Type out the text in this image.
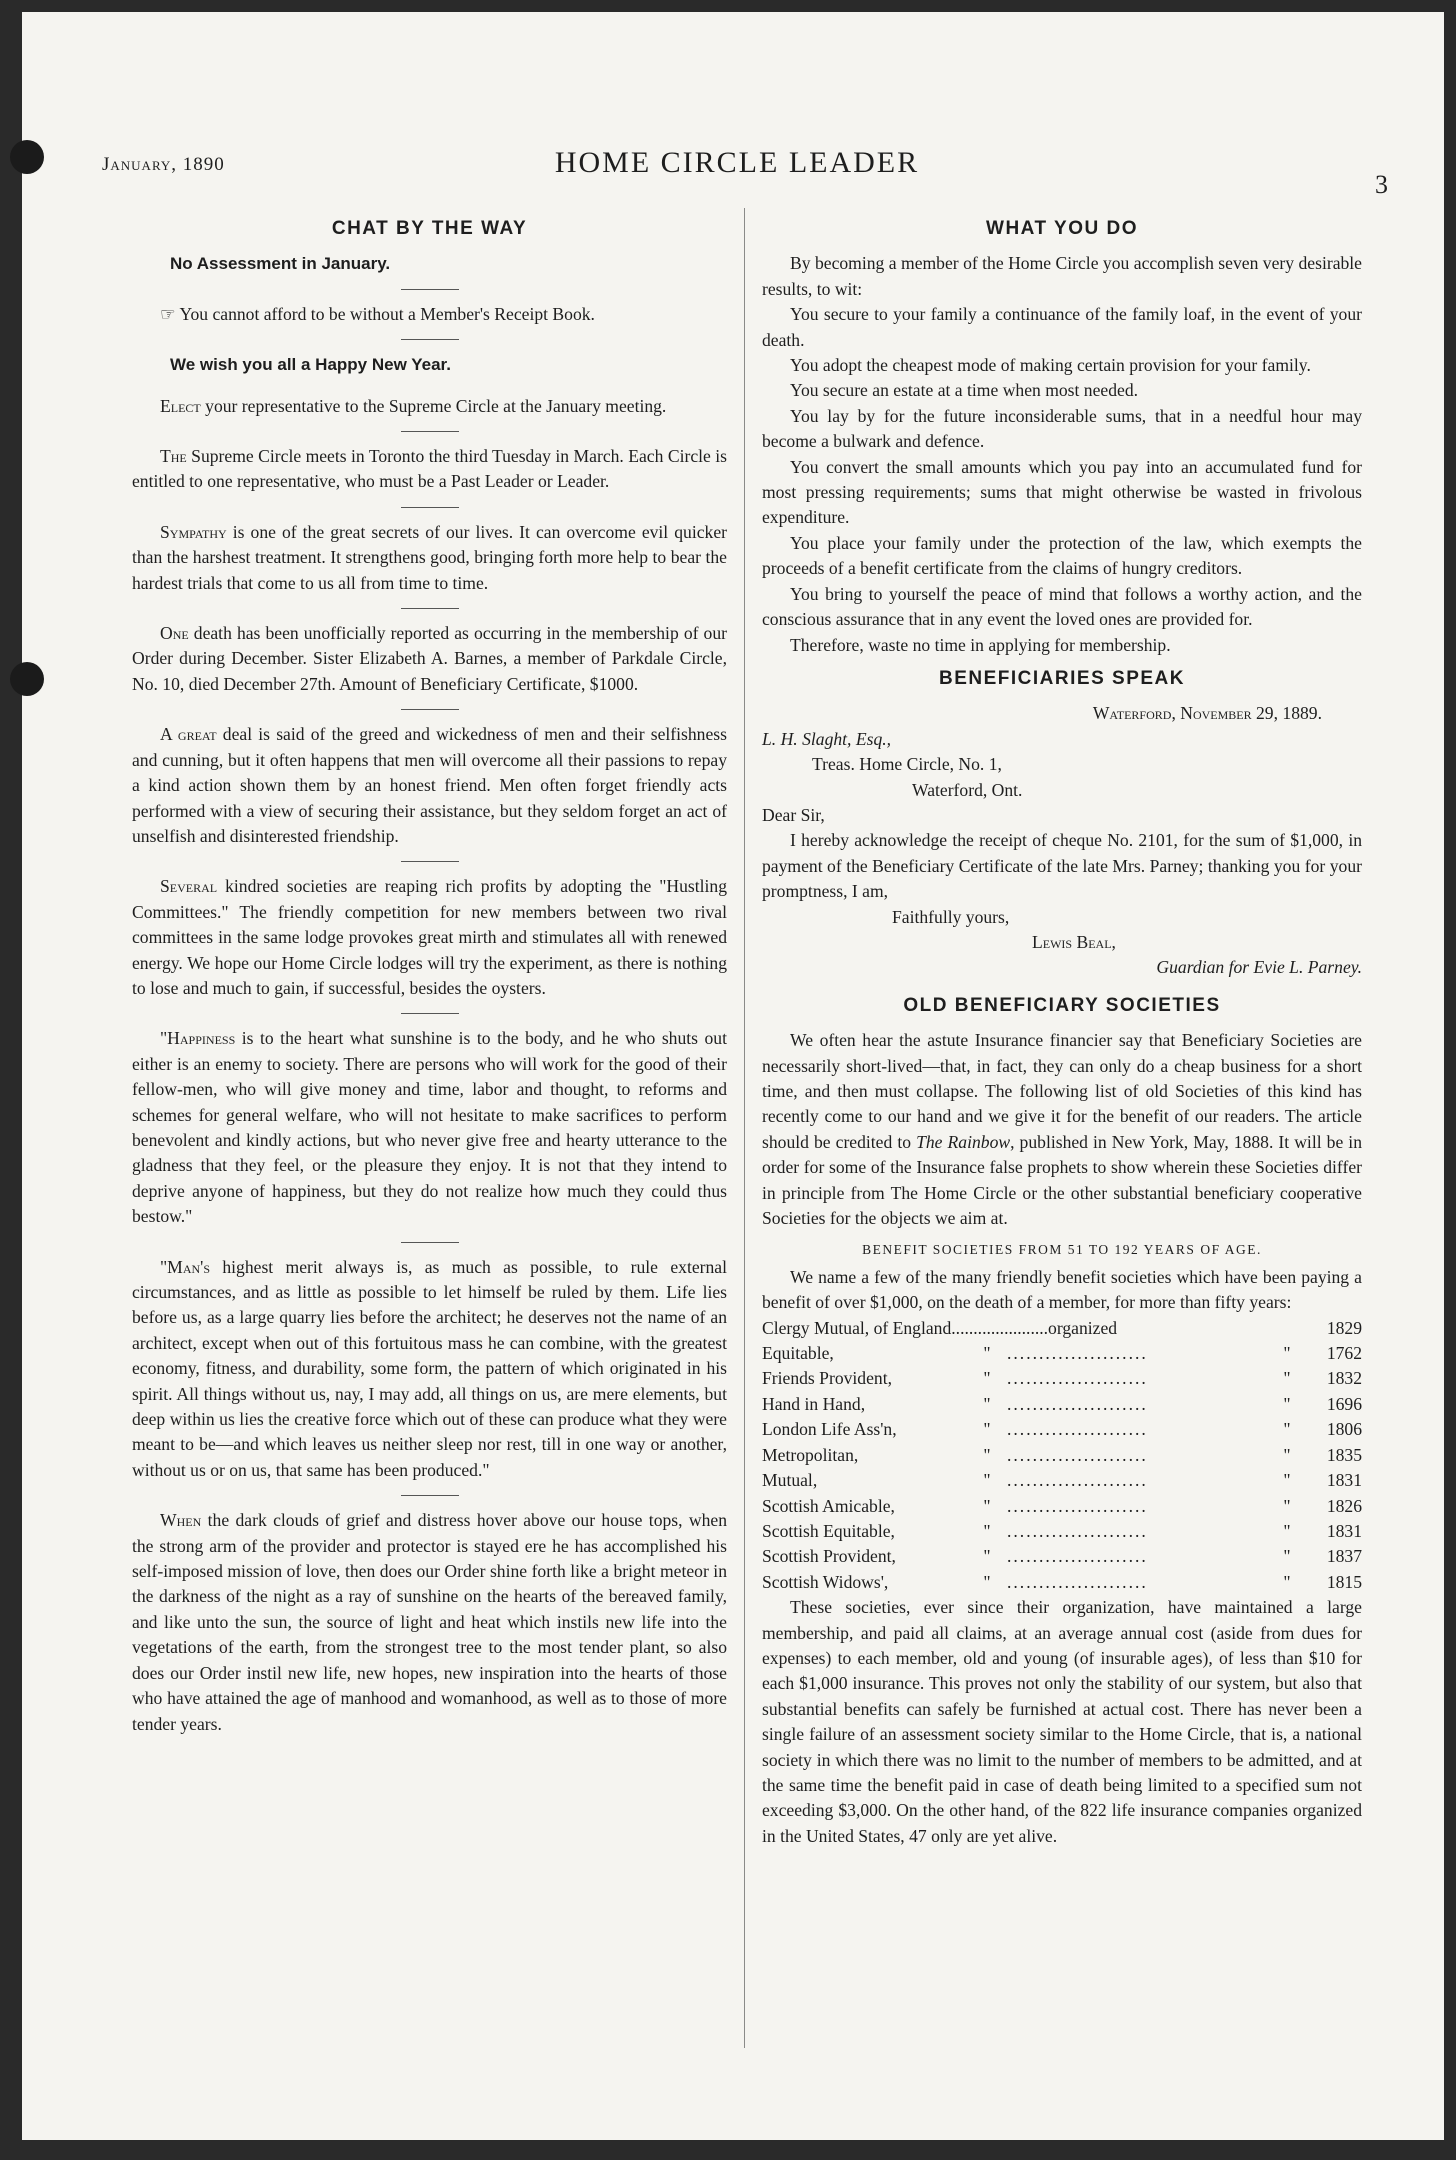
January, 1890	HOME CIRCLE LEADER
3
CHAT BY THE WAY

No Assessment in January.

☞ You cannot afford to be without a Member's Receipt Book.

We wish you all a Happy New Year.

Elect your representative to the Supreme Circle at the January meeting.

The Supreme Circle meets in Toronto the third Tuesday in March. Each Circle is entitled to one representative, who must be a Past Leader or Leader.

Sympathy is one of the great secrets of our lives. It can overcome evil quicker than the harshest treatment. It strengthens good, bringing forth more help to bear the hardest trials that come to us all from time to time.

One death has been unofficially reported as occurring in the membership of our Order during December. Sister Elizabeth A. Barnes, a member of Parkdale Circle, No. 10, died December 27th. Amount of Beneficiary Certificate, $1000.

A great deal is said of the greed and wickedness of men and their selfishness and cunning, but it often happens that men will overcome all their passions to repay a kind action shown them by an honest friend. Men often forget friendly acts performed with a view of securing their assistance, but they seldom forget an act of unselfish and disinterested friendship.

Several kindred societies are reaping rich profits by adopting the "Hustling Committees." The friendly competition for new members between two rival committees in the same lodge provokes great mirth and stimulates all with renewed energy. We hope our Home Circle lodges will try the experiment, as there is nothing to lose and much to gain, if successful, besides the oysters.

"Happiness is to the heart what sunshine is to the body, and he who shuts out either is an enemy to society. There are persons who will work for the good of their fellow-men, who will give money and time, labor and thought, to reforms and schemes for general welfare, who will not hesitate to make sacrifices to perform benevolent and kindly actions, but who never give free and hearty utterance to the gladness that they feel, or the pleasure they enjoy. It is not that they intend to deprive anyone of happiness, but they do not realize how much they could thus bestow."

"Man's highest merit always is, as much as possible, to rule external circumstances, and as little as possible to let himself be ruled by them. Life lies before us, as a large quarry lies before the architect; he deserves not the name of an architect, except when out of this fortuitous mass he can combine, with the greatest economy, fitness, and durability, some form, the pattern of which originated in his spirit. All things without us, nay, I may add, all things on us, are mere elements, but deep within us lies the creative force which out of these can produce what they were meant to be—and which leaves us neither sleep nor rest, till in one way or another, without us or on us, that same has been produced."

When the dark clouds of grief and distress hover above our house tops, when the strong arm of the provider and protector is stayed ere he has accomplished his self-imposed mission of love, then does our Order shine forth like a bright meteor in the darkness of the night as a ray of sunshine on the hearts of the bereaved family, and like unto the sun, the source of light and heat which instils new life into the vegetations of the earth, from the strongest tree to the most tender plant, so also does our Order instil new life, new hopes, new inspiration into the hearts of those who have attained the age of manhood and womanhood, as well as to those of more tender years.

WHAT YOU DO

By becoming a member of the Home Circle you accomplish seven very desirable results, to wit:

You secure to your family a continuance of the family loaf, in the event of your death.

You adopt the cheapest mode of making certain provision for your family.

You secure an estate at a time when most needed.

You lay by for the future inconsiderable sums, that in a needful hour may become a bulwark and defence.

You convert the small amounts which you pay into an accumulated fund for most pressing requirements; sums that might otherwise be wasted in frivolous expenditure.

You place your family under the protection of the law, which exempts the proceeds of a benefit certificate from the claims of hungry creditors.

You bring to yourself the peace of mind that follows a worthy action, and the conscious assurance that in any event the loved ones are provided for.

Therefore, waste no time in applying for membership.

BENEFICIARIES SPEAK

Waterford, November 29, 1889.

L. H. Slaght, Esq.,

Treas. Home Circle, No. 1,

Waterford, Ont.

Dear Sir,

I hereby acknowledge the receipt of cheque No. 2101, for the sum of $1,000, in payment of the Beneficiary Certificate of the late Mrs. Parney; thanking you for your promptness, I am,

Faithfully yours,

Lewis Beal,

Guardian for Evie L. Parney.

OLD BENEFICIARY SOCIETIES

We often hear the astute Insurance financier say that Beneficiary Societies are necessarily short-lived—that, in fact, they can only do a cheap business for a short time, and then must collapse. The following list of old Societies of this kind has recently come to our hand and we give it for the benefit of our readers. The article should be credited to The Rainbow, published in New York, May, 1888. It will be in order for some of the Insurance false prophets to show wherein these Societies differ in principle from The Home Circle or the other substantial beneficiary cooperative Societies for the objects we aim at.

BENEFIT SOCIETIES FROM 51 TO 192 YEARS OF AGE.

We name a few of the many friendly benefit societies which have been paying a benefit of over $1,000, on the death of a member, for more than fifty years:

Clergy Mutual, of England......................organized				1829
Equitable,	"	......................	"	1762
Friends Provident,	"	......................	"	1832
Hand in Hand,	"	......................	"	1696
London Life Ass'n,	"	......................	"	1806
Metropolitan,	"	......................	"	1835
Mutual,	"	......................	"	1831
Scottish Amicable,	"	......................	"	1826
Scottish Equitable,	"	......................	"	1831
Scottish Provident,	"	......................	"	1837
Scottish Widows',	"	......................	"	1815

These societies, ever since their organization, have maintained a large membership, and paid all claims, at an average annual cost (aside from dues for expenses) to each member, old and young (of insurable ages), of less than $10 for each $1,000 insurance. This proves not only the stability of our system, but also that substantial benefits can safely be furnished at actual cost. There has never been a single failure of an assessment society similar to the Home Circle, that is, a national society in which there was no limit to the number of members to be admitted, and at the same time the benefit paid in case of death being limited to a specified sum not exceeding $3,000. On the other hand, of the 822 life insurance companies organized in the United States, 47 only are yet alive.
